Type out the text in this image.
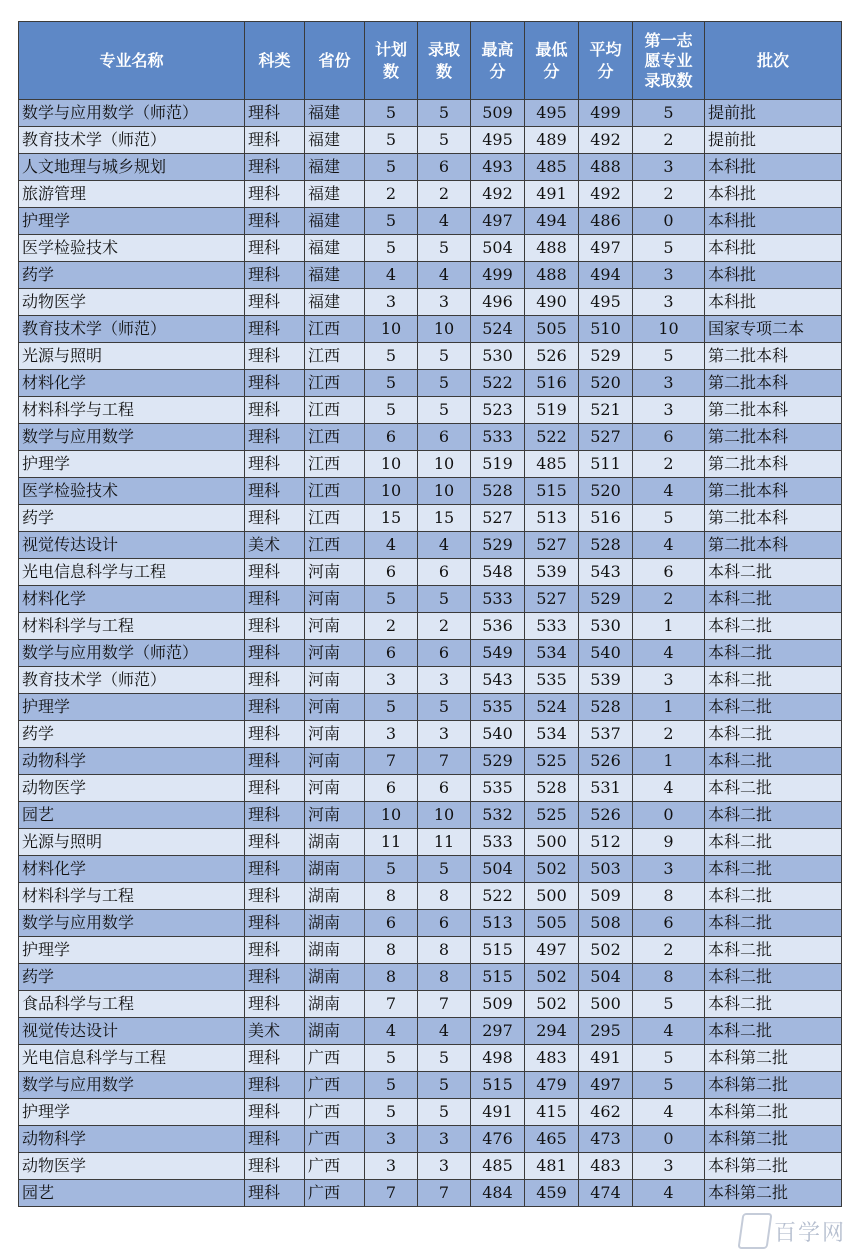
专业名称	科类	省份	计划数	录取数	最高分	最低分	平均分	第一志愿专业录取数	批次
数学与应用数学（师范）	理科	福建	5	5	509	495	499	5	提前批
教育技术学（师范）	理科	福建	5	5	495	489	492	2	提前批
人文地理与城乡规划	理科	福建	5	6	493	485	488	3	本科批
旅游管理	理科	福建	2	2	492	491	492	2	本科批
护理学	理科	福建	5	4	497	494	486	0	本科批
医学检验技术	理科	福建	5	5	504	488	497	5	本科批
药学	理科	福建	4	4	499	488	494	3	本科批
动物医学	理科	福建	3	3	496	490	495	3	本科批
教育技术学（师范）	理科	江西	10	10	524	505	510	10	国家专项二本
光源与照明	理科	江西	5	5	530	526	529	5	第二批本科
材料化学	理科	江西	5	5	522	516	520	3	第二批本科
材料科学与工程	理科	江西	5	5	523	519	521	3	第二批本科
数学与应用数学	理科	江西	6	6	533	522	527	6	第二批本科
护理学	理科	江西	10	10	519	485	511	2	第二批本科
医学检验技术	理科	江西	10	10	528	515	520	4	第二批本科
药学	理科	江西	15	15	527	513	516	5	第二批本科
视觉传达设计	美术	江西	4	4	529	527	528	4	第二批本科
光电信息科学与工程	理科	河南	6	6	548	539	543	6	本科二批
材料化学	理科	河南	5	5	533	527	529	2	本科二批
材料科学与工程	理科	河南	2	2	536	533	530	1	本科二批
数学与应用数学（师范）	理科	河南	6	6	549	534	540	4	本科二批
教育技术学（师范）	理科	河南	3	3	543	535	539	3	本科二批
护理学	理科	河南	5	5	535	524	528	1	本科二批
药学	理科	河南	3	3	540	534	537	2	本科二批
动物科学	理科	河南	7	7	529	525	526	1	本科二批
动物医学	理科	河南	6	6	535	528	531	4	本科二批
园艺	理科	河南	10	10	532	525	526	0	本科二批
光源与照明	理科	湖南	11	11	533	500	512	9	本科二批
材料化学	理科	湖南	5	5	504	502	503	3	本科二批
材料科学与工程	理科	湖南	8	8	522	500	509	8	本科二批
数学与应用数学	理科	湖南	6	6	513	505	508	6	本科二批
护理学	理科	湖南	8	8	515	497	502	2	本科二批
药学	理科	湖南	8	8	515	502	504	8	本科二批
食品科学与工程	理科	湖南	7	7	509	502	500	5	本科二批
视觉传达设计	美术	湖南	4	4	297	294	295	4	本科二批
光电信息科学与工程	理科	广西	5	5	498	483	491	5	本科第二批
数学与应用数学	理科	广西	5	5	515	479	497	5	本科第二批
护理学	理科	广西	5	5	491	415	462	4	本科第二批
动物科学	理科	广西	3	3	476	465	473	0	本科第二批
动物医学	理科	广西	3	3	485	481	483	3	本科第二批
园艺	理科	广西	7	7	484	459	474	4	本科第二批
百学网
